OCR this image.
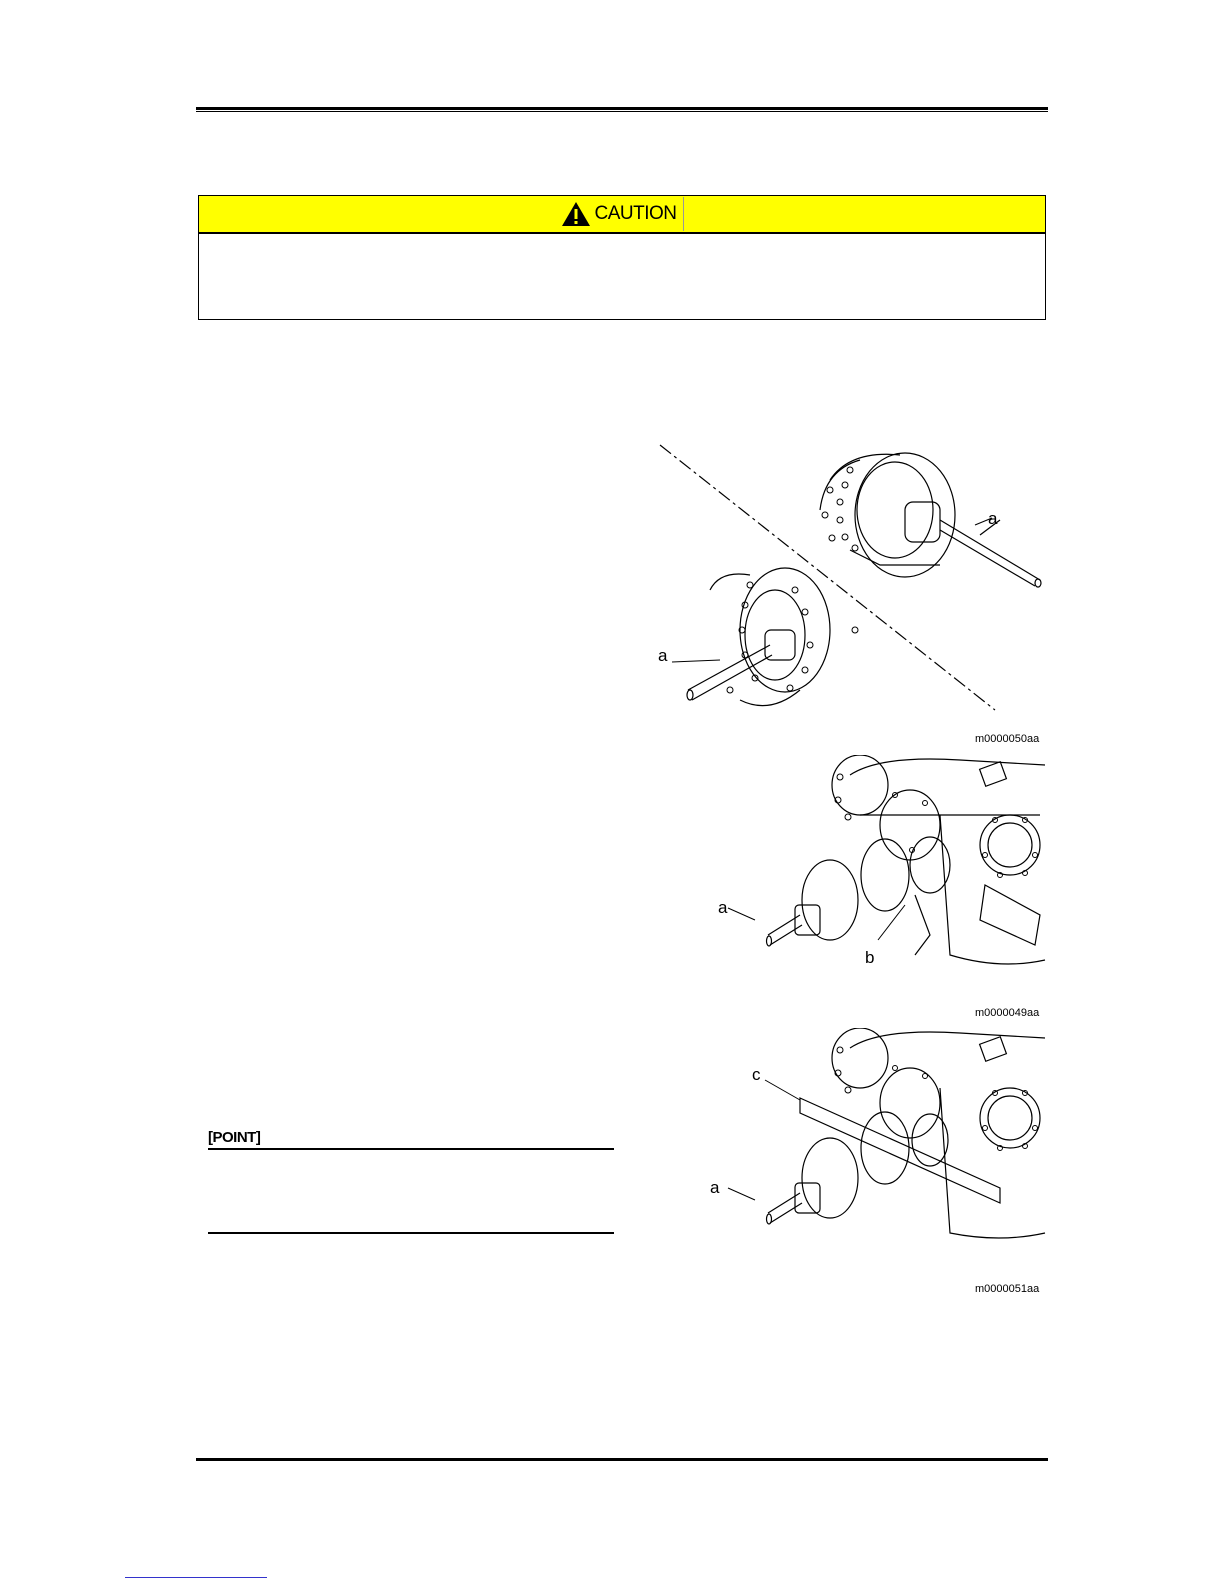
CAUTION
a
a
m0000050aa
a
b
m0000049aa
[POINT]
c
a
m0000051aa
